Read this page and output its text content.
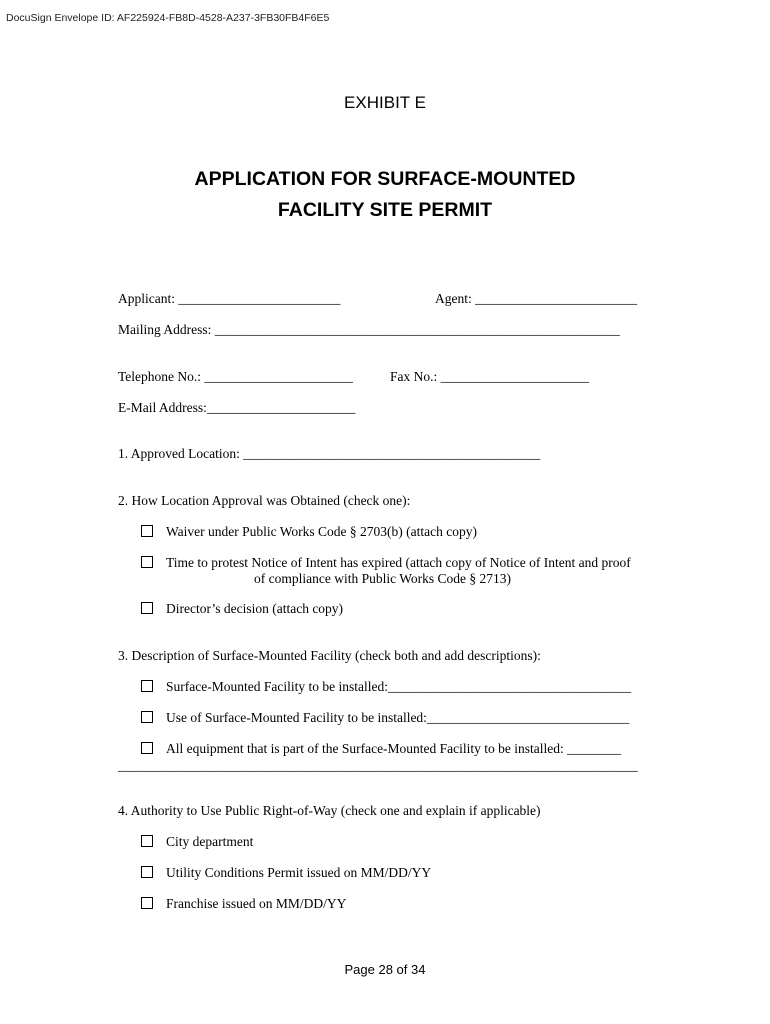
DocuSign Envelope ID: AF225924-FB8D-4528-A237-3FB30FB4F6E5
EXHIBIT E
APPLICATION FOR SURFACE-MOUNTED
FACILITY SITE PERMIT
Applicant: ________________________	Agent: ________________________
Mailing Address: ____________________________________________________________
Telephone No.: ______________________	Fax No.: ______________________
E-Mail Address:______________________
1. Approved Location: ____________________________________________
2. How Location Approval was Obtained (check one):
Waiver under Public Works Code § 2703(b) (attach copy)
Time to protest Notice of Intent has expired (attach copy of Notice of Intent and proof
of compliance with Public Works Code § 2713)
Director’s decision (attach copy)
3. Description of Surface-Mounted Facility (check both and add descriptions):
Surface-Mounted Facility to be installed:____________________________________
Use of Surface-Mounted Facility to be installed:______________________________
All equipment that is part of the Surface-Mounted Facility to be installed: ________
_____________________________________________________________________________
4. Authority to Use Public Right-of-Way (check one and explain if applicable)
City department
Utility Conditions Permit issued on MM/DD/YY
Franchise issued on MM/DD/YY
Page 28 of 34
